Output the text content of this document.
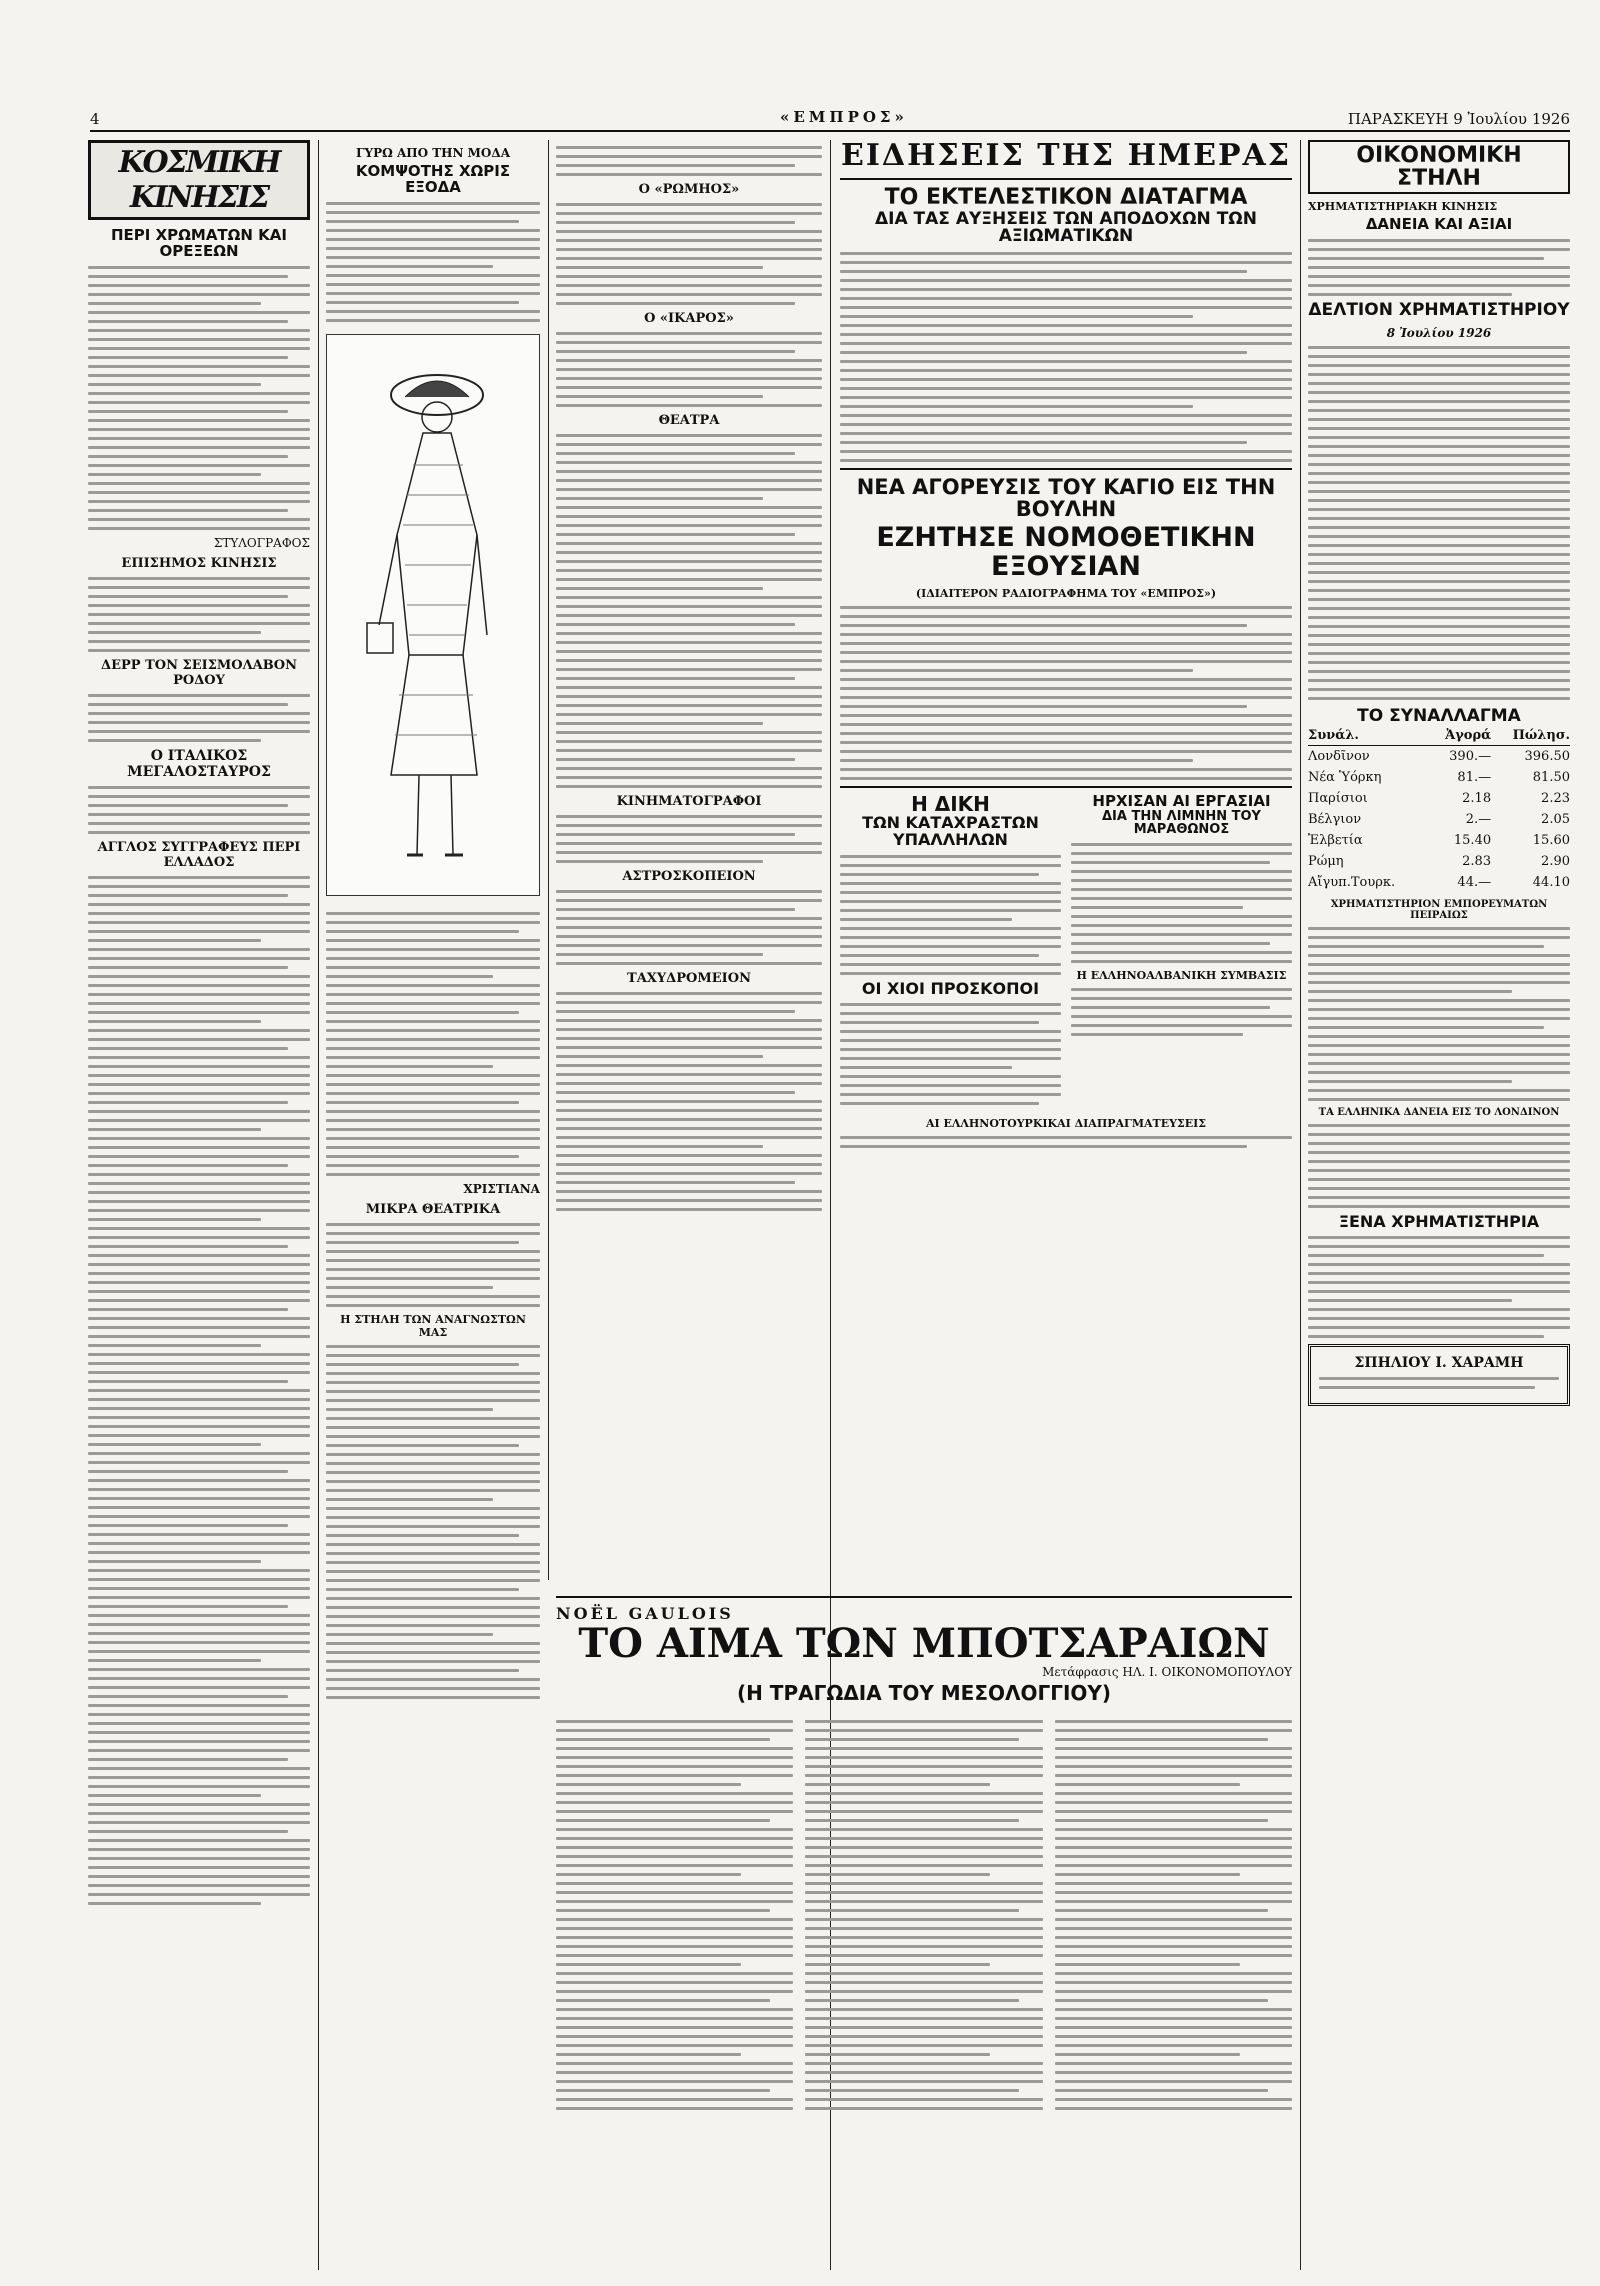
4	«ΕΜΠΡΟΣ»	ΠΑΡΑΣΚΕΥΗ 9 Ἰουλίου 1926
ΚΟΣΜΙΚΗ ΚΙΝΗΣΙΣ
ΠΕΡΙ ΧΡΩΜΑΤΩΝ ΚΑΙ ΟΡΕΞΕΩΝ
ΣΤΥΛΟΓΡΑΦΟΣ
ΕΠΙΣΗΜΟΣ ΚΙΝΗΣΙΣ
ΔΕΡΡ ΤΟΝ ΣΕΙΣΜΟΛΑΒΟΝ ΡΟΔΟΥ
Ο ΙΤΑΛΙΚΟΣ ΜΕΓΑΛΟΣΤΑΥΡΟΣ
ΑΓΓΛΟΣ ΣΥΓΓΡΑΦΕΥΣ ΠΕΡΙ ΕΛΛΑΔΟΣ
ΓΥΡΩ ΑΠΟ ΤΗΝ ΜΟΔΑ
ΚΟΜΨΟΤΗΣ ΧΩΡΙΣ ΕΞΟΔΑ
ΧΡΙΣΤΙΑΝΑ
ΜΙΚΡΑ ΘΕΑΤΡΙΚΑ
Η ΣΤΗΛΗ ΤΩΝ ΑΝΑΓΝΩΣΤΩΝ ΜΑΣ
Ο «ΡΩΜΗΟΣ»
Ο «ΙΚΑΡΟΣ»
ΘΕΑΤΡΑ
ΚΙΝΗΜΑΤΟΓΡΑΦΟΙ
ΑΣΤΡΟΣΚΟΠΕΙΟΝ
ΤΑΧΥΔΡΟΜΕΙΟΝ
ΕΙΔΗΣΕΙΣ ΤΗΣ ΗΜΕΡΑΣ
ΤΟ ΕΚΤΕΛΕΣΤΙΚΟΝ ΔΙΑΤΑΓΜΑ
ΔΙΑ ΤΑΣ ΑΥΞΗΣΕΙΣ ΤΩΝ ΑΠΟΔΟΧΩΝ ΤΩΝ ΑΞΙΩΜΑΤΙΚΩΝ
ΝΕΑ ΑΓΟΡΕΥΣΙΣ ΤΟΥ ΚΑΓΙΟ ΕΙΣ ΤΗΝ ΒΟΥΛΗΝ
ΕΖΗΤΗΣΕ ΝΟΜΟΘΕΤΙΚΗΝ ΕΞΟΥΣΙΑΝ
(ΙΔΙΑΙΤΕΡΟΝ ΡΑΔΙΟΓΡΑΦΗΜΑ ΤΟΥ «ΕΜΠΡΟΣ»)
Η ΔΙΚΗ
ΤΩΝ ΚΑΤΑΧΡΑΣΤΩΝ ΥΠΑΛΛΗΛΩΝ
ΟΙ ΧΙΟΙ ΠΡΟΣΚΟΠΟΙ
ΗΡΧΙΣΑΝ ΑΙ ΕΡΓΑΣΙΑΙ
ΔΙΑ ΤΗΝ ΛΙΜΝΗΝ ΤΟΥ ΜΑΡΑΘΩΝΟΣ
Η ΕΛΛΗΝΟΑΛΒΑΝΙΚΗ ΣΥΜΒΑΣΙΣ
ΑΙ ΕΛΛΗΝΟΤΟΥΡΚΙΚΑΙ ΔΙΑΠΡΑΓΜΑΤΕΥΣΕΙΣ
NOËL GAULOIS
ΤΟ ΑΙΜΑ ΤΩΝ ΜΠΟΤΣΑΡΑΙΩΝ
Μετάφρασις ΗΛ. Ι. ΟΙΚΟΝΟΜΟΠΟΥΛΟΥ
(Η ΤΡΑΓΩΔΙΑ ΤΟΥ ΜΕΣΟΛΟΓΓΙΟΥ)
ΟΙΚΟΝΟΜΙΚΗ ΣΤΗΛΗ
ΧΡΗΜΑΤΙΣΤΗΡΙΑΚΗ ΚΙΝΗΣΙΣ
ΔΑΝΕΙΑ ΚΑΙ ΑΞΙΑΙ
ΔΕΛΤΙΟΝ ΧΡΗΜΑΤΙΣΤΗΡΙΟΥ
8 Ἰουλίου 1926
ΤΟ ΣΥΝΑΛΛΑΓΜΑ
Συνάλ.	Ἀγορά	Πώλησ.
Λονδῖνον	390.—	396.50
Νέα Ὑόρκη	81.—	81.50
Παρίσιοι	2.18	2.23
Βέλγιον	2.—	2.05
Ἐλβετία	15.40	15.60
Ρώμη	2.83	2.90
Αἴγυπ.Τουρκ.	44.—	44.10
ΧΡΗΜΑΤΙΣΤΗΡΙΟΝ ΕΜΠΟΡΕΥΜΑΤΩΝ ΠΕΙΡΑΙΩΣ
ΤΑ ΕΛΛΗΝΙΚΑ ΔΑΝΕΙΑ ΕΙΣ ΤΟ ΛΟΝΔΙΝΟΝ
ΞΕΝΑ ΧΡΗΜΑΤΙΣΤΗΡΙΑ
ΣΠΗΛΙΟΥ Ι. ΧΑΡΑΜΗ
